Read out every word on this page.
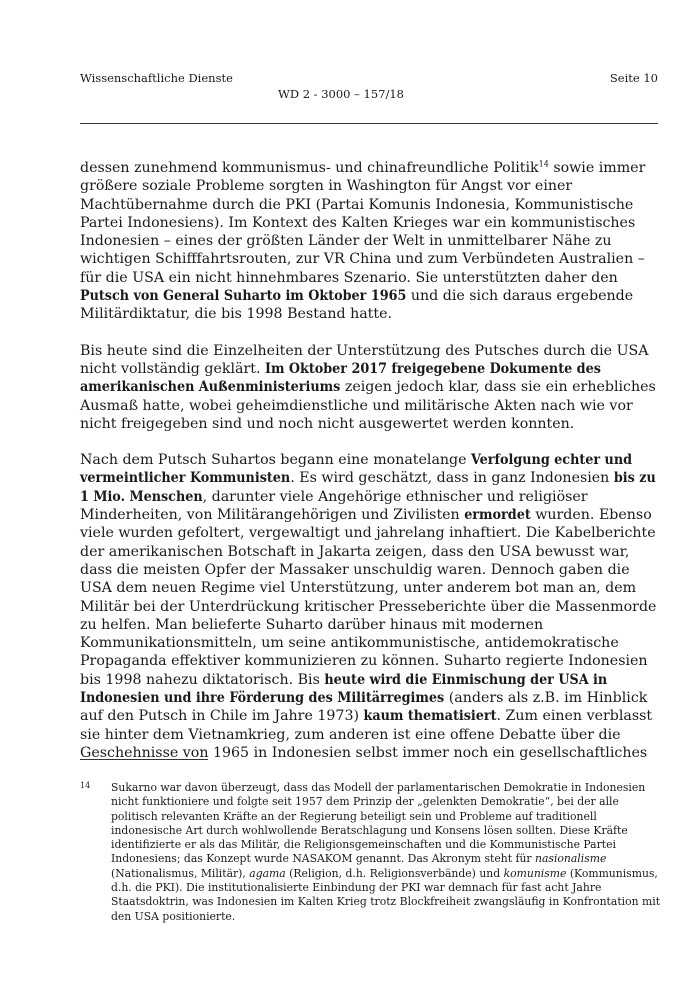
Wissenschaftliche Dienste	Seite 10
WD 2 - 3000 – 157/18

dessen zunehmend kommunismus- und chinafreundliche Politik$^{14}$ sowie immer größere soziale Probleme sorgten in Washington für Angst vor einer Machtübernahme durch die PKI (Partai Komunis Indonesia, Kommunistische Partei Indonesiens). Im Kontext des Kalten Krieges war ein kommunistisches Indonesien – eines der größten Länder der Welt in unmittelbarer Nähe zu wichtigen Schifffahrtsrouten, zur VR China und zum Verbündeten Australien – für die USA ein nicht hinnehmbares Szenario. Sie unterstützten daher den Putsch von General Suharto im Oktober 1965 und die sich daraus ergebende Militärdiktatur, die bis 1998 Bestand hatte.

Bis heute sind die Einzelheiten der Unterstützung des Putsches durch die USA nicht vollständig geklärt. Im Oktober 2017 freigegebene Dokumente des amerikanischen Außenministeriums zeigen jedoch klar, dass sie ein erhebliches Ausmaß hatte, wobei geheimdienstliche und militärische Akten nach wie vor nicht freigegeben sind und noch nicht ausgewertet werden konnten.

Nach dem Putsch Suhartos begann eine monatelange Verfolgung echter und vermeintlicher Kommunisten. Es wird geschätzt, dass in ganz Indonesien bis zu 1 Mio. Menschen, darunter viele Angehörige ethnischer und religiöser Minderheiten, von Militärangehörigen und Zivilisten ermordet wurden. Ebenso viele wurden gefoltert, vergewaltigt und jahrelang inhaftiert. Die Kabelberichte der amerikanischen Botschaft in Jakarta zeigen, dass den USA bewusst war, dass die meisten Opfer der Massaker unschuldig waren. Dennoch gaben die USA dem neuen Regime viel Unterstützung, unter anderem bot man an, dem Militär bei der Unterdrückung kritischer Presseberichte über die Massenmorde zu helfen. Man belieferte Suharto darüber hinaus mit modernen Kommunikationsmitteln, um seine antikommunistische, antidemokratische Propaganda effektiver kommunizieren zu können. Suharto regierte Indonesien bis 1998 nahezu diktatorisch. Bis heute wird die Einmischung der USA in Indonesien und ihre Förderung des Militärregimes (anders als z.B. im Hinblick auf den Putsch in Chile im Jahre 1973) kaum thematisiert. Zum einen verblasst sie hinter dem Vietnamkrieg, zum anderen ist eine offene Debatte über die Geschehnisse von 1965 in Indonesien selbst immer noch ein gesellschaftliches

14 Sukarno war davon überzeugt, dass das Modell der parlamentarischen Demokratie in Indonesien nicht funktioniere und folgte seit 1957 dem Prinzip der „gelenkten Demokratie“, bei der alle politisch relevanten Kräfte an der Regierung beteiligt sein und Probleme auf traditionell indonesische Art durch wohlwollende Beratschlagung und Konsens lösen sollten. Diese Kräfte identifizierte er als das Militär, die Religionsgemeinschaften und die Kommunistische Partei Indonesiens; das Konzept wurde NASAKOM genannt. Das Akronym steht für nasionalisme (Nationalismus, Militär), agama (Religion, d.h. Religionsverbände) und komunisme (Kommunismus, d.h. die PKI). Die institutionalisierte Einbindung der PKI war demnach für fast acht Jahre Staatsdoktrin, was Indonesien im Kalten Krieg trotz Blockfreiheit zwangsläufig in Konfrontation mit den USA positionierte.
